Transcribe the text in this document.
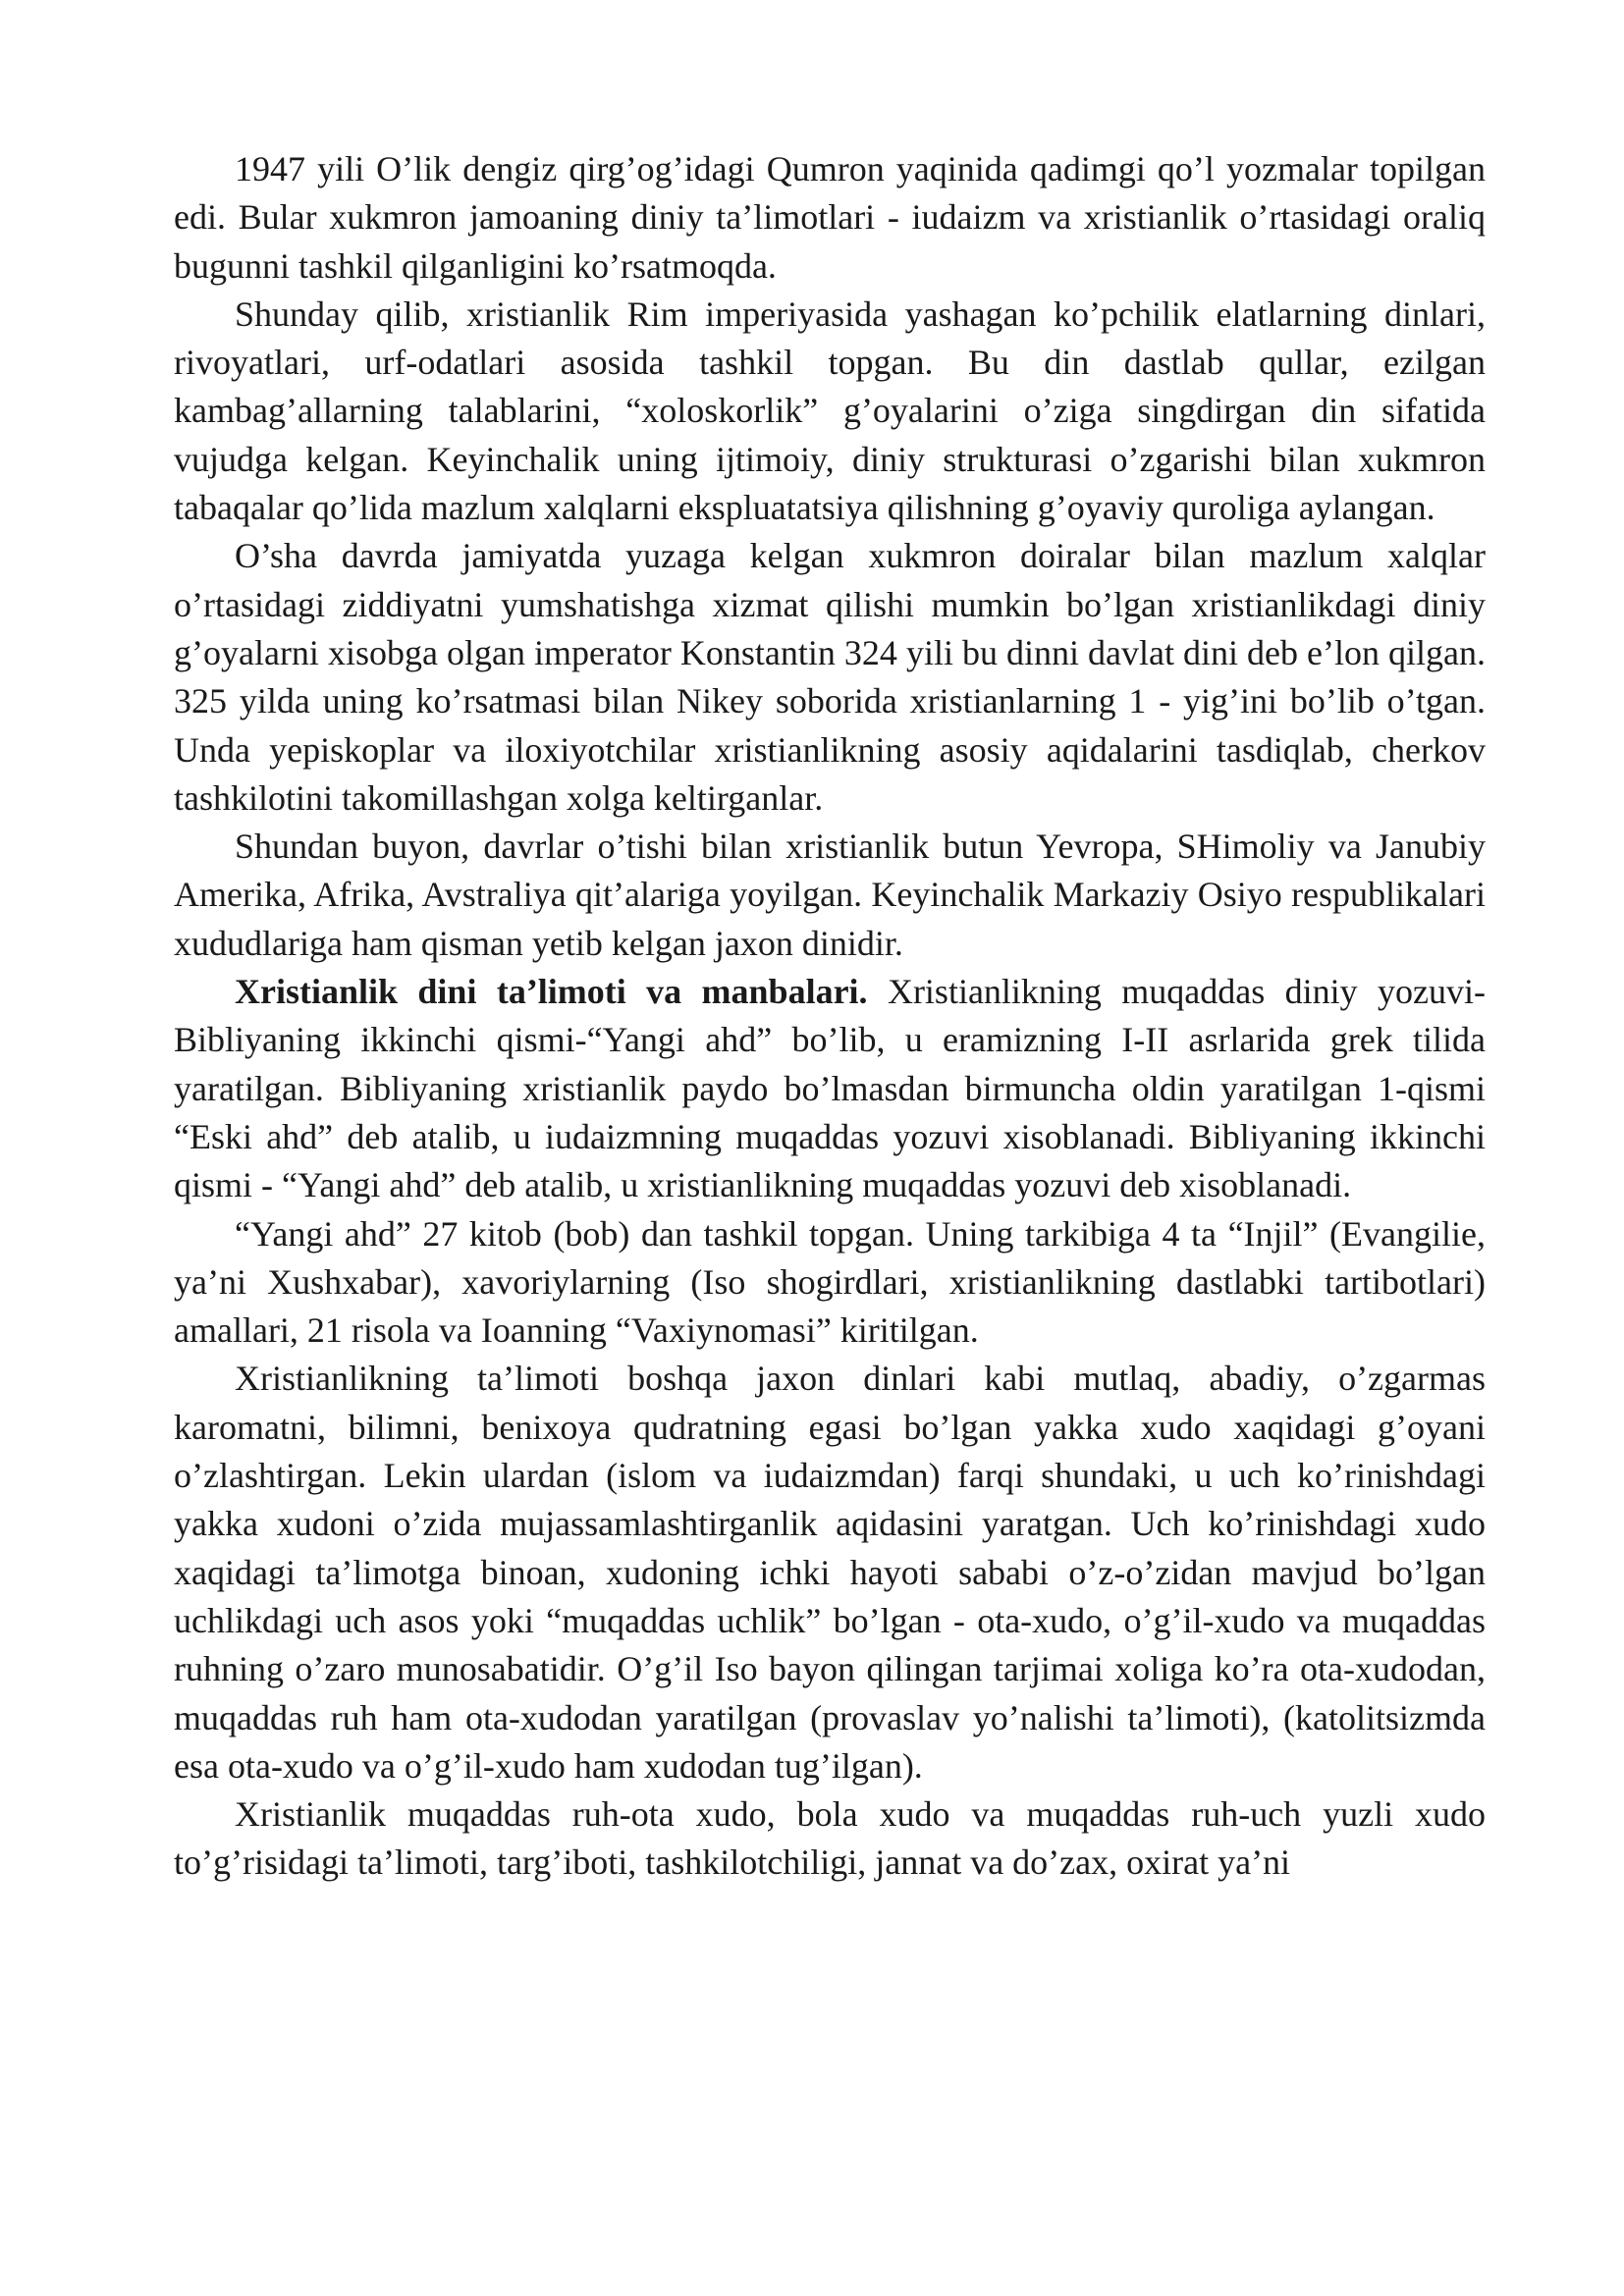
1947 yili O’lik dengiz qirg’og’idagi Qumron yaqinida qadimgi qo’l yozmalar topilgan edi. Bular xukmron jamoaning diniy ta’limotlari - iudaizm va xristianlik o’rtasidagi oraliq bugunni tashkil qilganligini ko’rsatmoqda.

Shunday qilib, xristianlik Rim imperiyasida yashagan ko’pchilik elatlarning dinlari, rivoyatlari, urf-odatlari asosida tashkil topgan. Bu din dastlab qullar, ezilgan kambag’allarning talablarini, “xoloskorlik” g’oyalarini o’ziga singdirgan din sifatida vujudga kelgan. Keyinchalik uning ijtimoiy, diniy strukturasi o’zgarishi bilan xukmron tabaqalar qo’lida mazlum xalqlarni ekspluatatsiya qilishning g’oyaviy quroliga aylangan.

O’sha davrda jamiyatda yuzaga kelgan xukmron doiralar bilan mazlum xalqlar o’rtasidagi ziddiyatni yumshatishga xizmat qilishi mumkin bo’lgan xristianlikdagi diniy g’oyalarni xisobga olgan imperator Konstantin 324 yili bu dinni davlat dini deb e’lon qilgan. 325 yilda uning ko’rsatmasi bilan Nikey soborida xristianlarning 1 - yig’ini bo’lib o’tgan. Unda yepiskoplar va iloxiyotchilar xristianlikning asosiy aqidalarini tasdiqlab, cherkov tashkilotini takomillashgan xolga keltirganlar.

Shundan buyon, davrlar o’tishi bilan xristianlik butun Yevropa, SHimoliy va Janubiy Amerika, Afrika, Avstraliya qit’alariga yoyilgan. Keyinchalik Markaziy Osiyo respublikalari xududlariga ham qisman yetib kelgan jaxon dinidir.

Xristianlik dini ta’limoti va manbalari. Xristianlikning muqaddas diniy yozuvi-Bibliyaning ikkinchi qismi-“Yangi ahd” bo’lib, u eramizning I-II asrlarida grek tilida yaratilgan. Bibliyaning xristianlik paydo bo’lmasdan birmuncha oldin yaratilgan 1-qismi “Eski ahd” deb atalib, u iudaizmning muqaddas yozuvi xisoblanadi. Bibliyaning ikkinchi qismi - “Yangi ahd” deb atalib, u xristianlikning muqaddas yozuvi deb xisoblanadi.

“Yangi ahd” 27 kitob (bob) dan tashkil topgan. Uning tarkibiga 4 ta “Injil” (Evangilie, ya’ni Xushxabar), xavoriylarning (Iso shogirdlari, xristianlikning dastlabki tartibotlari) amallari, 21 risola va Ioanning “Vaxiynomasi” kiritilgan.

Xristianlikning ta’limoti boshqa jaxon dinlari kabi mutlaq, abadiy, o’zgarmas karomatni, bilimni, benixoya qudratning egasi bo’lgan yakka xudo xaqidagi g’oyani o’zlashtirgan. Lekin ulardan (islom va iudaizmdan) farqi shundaki, u uch ko’rinishdagi yakka xudoni o’zida mujassamlashtirganlik aqidasini yaratgan. Uch ko’rinishdagi xudo xaqidagi ta’limotga binoan, xudoning ichki hayoti sababi o’z-o’zidan mavjud bo’lgan uchlikdagi uch asos yoki “muqaddas uchlik” bo’lgan - ota-xudo, o’g’il-xudo va muqaddas ruhning o’zaro munosabatidir. O’g’il Iso bayon qilingan tarjimai xoliga ko’ra ota-xudodan, muqaddas ruh ham ota-xudodan yaratilgan (provaslav yo’nalishi ta’limoti), (katolitsizmda esa ota-xudo va o’g’il-xudo ham xudodan tug’ilgan).

Xristianlik muqaddas ruh-ota xudo, bola xudo va muqaddas ruh-uch yuzli xudo to’g’risidagi ta’limoti, targ’iboti, tashkilotchiligi, jannat va do’zax, oxirat ya’ni
